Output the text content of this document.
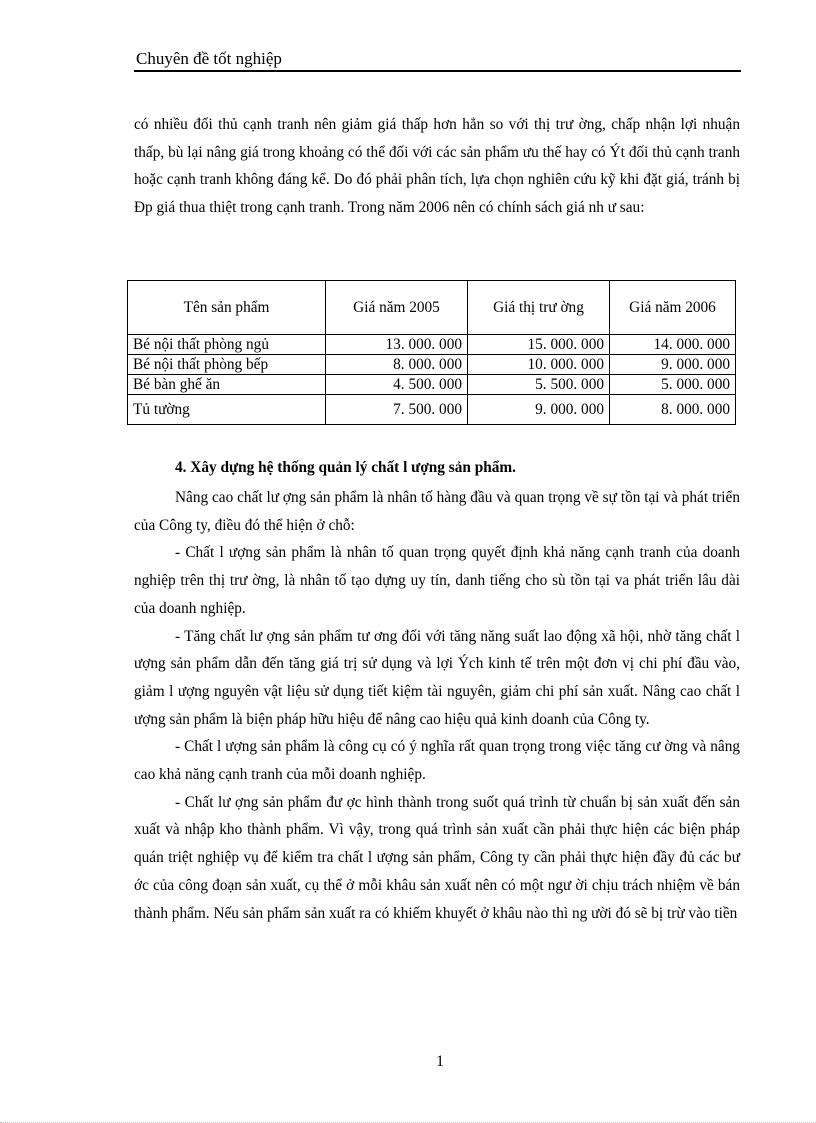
Chuyên đề tốt nghiệp

có nhiều đối thủ cạnh tranh nên giảm giá thấp hơn hẳn so với thị trư ờng, chấp nhận lợi nhuận thấp, bù lại nâng giá trong khoảng có thể đối với các sản phẩm ưu thế hay có Ýt đối thủ cạnh tranh hoặc cạnh tranh không đáng kể. Do đó phải phân tích, lựa chọn nghiên cứu kỹ khi đặt giá, tránh bị Ðp giá thua thiệt trong cạnh tranh. Trong năm 2006 nên có chính sách giá nh ư sau:

Tên sản phẩm	Giá năm 2005	Giá thị trư ờng	Giá năm 2006
Bé nội thất phòng ngủ	13. 000. 000	15. 000. 000	14. 000. 000
Bé nội thất phòng bếp	8. 000. 000	10. 000. 000	9. 000. 000
Bé bàn ghế ăn	4. 500. 000	5. 500. 000	5. 000. 000
Tủ tường	7. 500. 000	9. 000. 000	8. 000. 000
4. Xây dựng hệ thống quản lý chất l ượng sản phẩm.

Nâng cao chất lư ợng sản phẩm là nhân tố hàng đầu và quan trọng về sự tồn tại và phát triển của Công ty, điều đó thể hiện ở chỗ:

- Chất l ượng sản phẩm là nhân tố quan trọng quyết định khả năng cạnh tranh của doanh nghiệp trên thị trư ờng, là nhân tố tạo dựng uy tín, danh tiếng cho sù tồn tại va phát triển lâu dài của doanh nghiệp.

- Tăng chất lư ợng sản phẩm tư ơng đối với tăng năng suất lao động xã hội, nhờ tăng chất l ượng sản phẩm dẫn đến tăng giá trị sử dụng và lợi Ých kinh tế trên một đơn vị chi phí đầu vào, giảm l ượng nguyên vật liệu sử dụng tiết kiệm tài nguyên, giảm chi phí sản xuất. Nâng cao chất l ượng sản phẩm là biện pháp hữu hiệu để nâng cao hiệu quả kinh doanh của Công ty.

- Chất l ượng sản phẩm là công cụ có ý nghĩa rất quan trọng trong việc tăng cư ờng và nâng cao khả năng cạnh tranh của mỗi doanh nghiệp.

- Chất lư ợng sản phẩm đư ợc hình thành trong suốt quá trình từ chuẩn bị sản xuất đến sản xuất và nhập kho thành phẩm. Vì vậy, trong quá trình sản xuất cần phải thực hiện các biện pháp quán triệt nghiệp vụ để kiểm tra chất l ượng sản phẩm, Công ty cần phải thực hiện đầy đủ các bư ớc của công đoạn sản xuất, cụ thể ở mỗi khâu sản xuất nên có một ngư ời chịu trách nhiệm về bán thành phẩm. Nếu sản phẩm sản xuất ra có khiếm khuyết ở khâu nào thì ng ười đó sẽ bị trừ vào tiền

1
